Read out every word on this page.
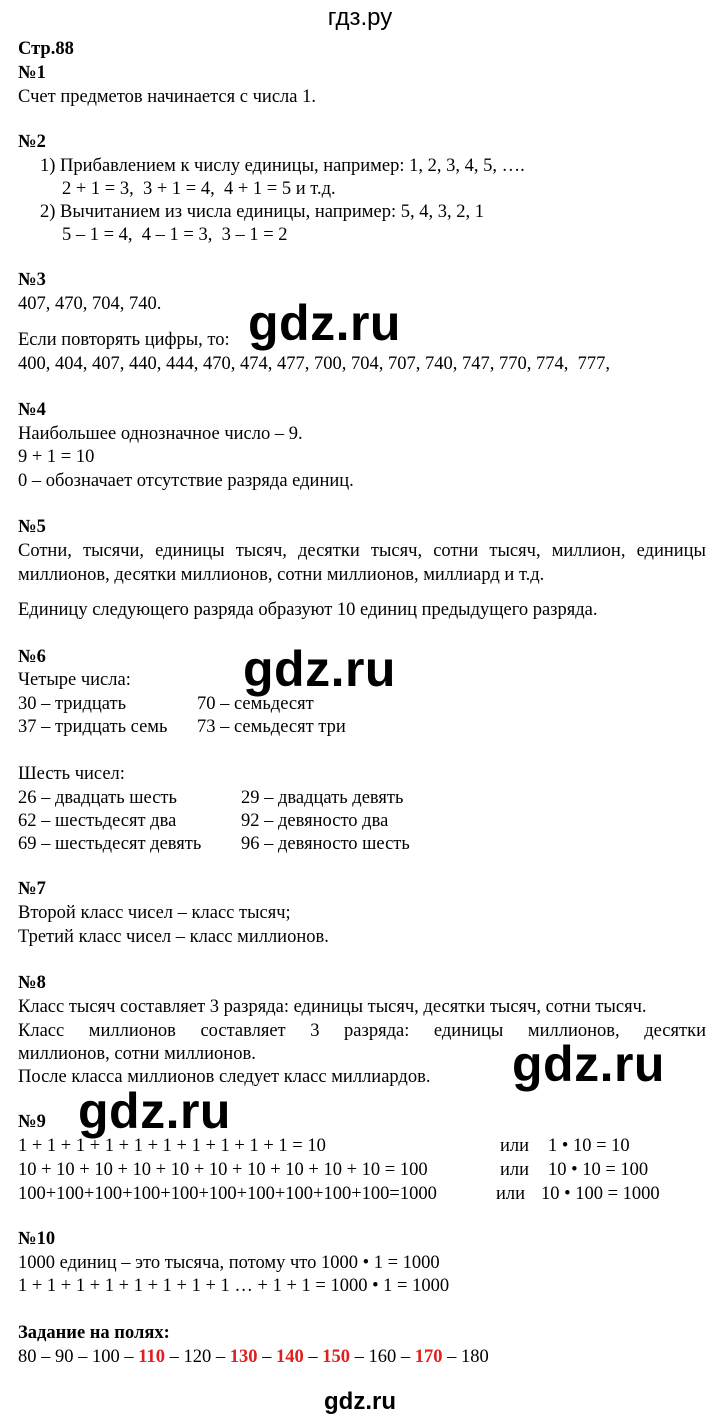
гдз.ру
Стр.88
№1
Счет предметов начинается с числа 1.
№2
1) Прибавлением к числу единицы, например: 1, 2, 3, 4, 5, ….
2 + 1 = 3,  3 + 1 = 4,  4 + 1 = 5 и т.д.
2) Вычитанием из числа единицы, например: 5, 4, 3, 2, 1
5 – 1 = 4,  4 – 1 = 3,  3 – 1 = 2
№3
407, 470, 704, 740.
Если повторять цифры, то:
400, 404, 407, 440, 444, 470, 474, 477, 700, 704, 707, 740, 747, 770, 774,  777,
gdz.ru
№4
Наибольшее однозначное число – 9.
9 + 1 = 10
0 – обозначает отсутствие разряда единиц.
№5
Сотни, тысячи, единицы тысяч, десятки тысяч, сотни тысяч, миллион, единицы
миллионов, десятки миллионов, сотни миллионов, миллиард и т.д.
Единицу следующего разряда образуют 10 единиц предыдущего разряда.
№6	gdz.ru
Четыре числа:
30 – тридцать	70 – семьдесят
37 – тридцать семь 73 – семьдесят три
Шесть чисел:
26 – двадцать шесть	29 – двадцать девять
62 – шестьдесят два	92 – девяносто два
69 – шестьдесят девять 96 – девяносто шесть
№7
Второй класс чисел – класс тысяч;
Третий класс чисел – класс миллионов.
№8
Класс тысяч составляет 3 разряда: единицы тысяч, десятки тысяч, сотни тысяч.
Класс миллионов составляет 3 разряда: единицы миллионов, десятки
миллионов, сотни миллионов.
После класса миллионов следует класс миллиардов. gdz.ru
№9 gdz.ru
1 + 1 + 1 + 1 + 1 + 1 + 1 + 1 + 1 + 1 = 10	или 1 • 10 = 10
10 + 10 + 10 + 10 + 10 + 10 + 10 + 10 + 10 + 10 = 100	или 10 • 10 = 100
100+100+100+100+100+100+100+100+100+100=1000	или 10 • 100 = 1000
№10
1000 единиц – это тысяча, потому что 1000 • 1 = 1000
1 + 1 + 1 + 1 + 1 + 1 + 1 + 1 … + 1 + 1 = 1000 • 1 = 1000
Задание на полях:
80 – 90 – 100 – 110 – 120 – 130 – 140 – 150 – 160 – 170 – 180
gdz.ru
